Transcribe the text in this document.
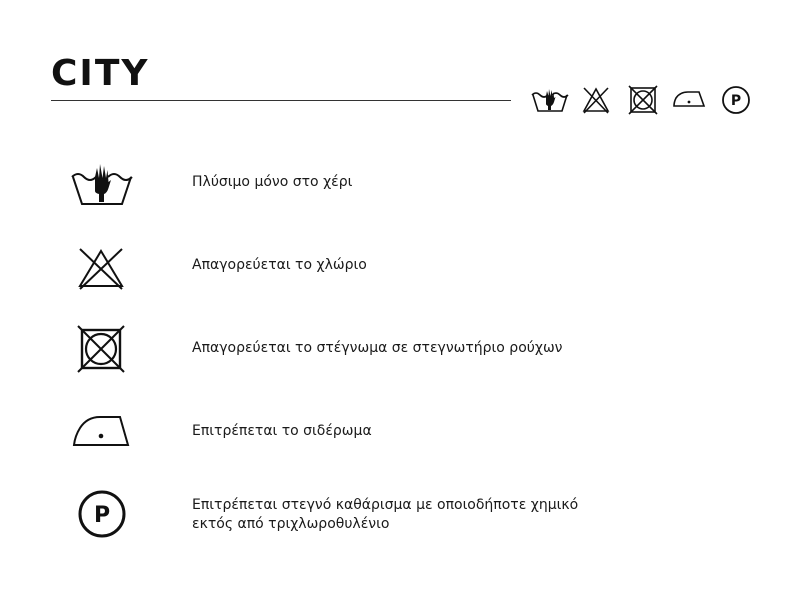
CITY
P
Πλύσιμο μόνο στο χέρι
Απαγορεύεται το χλώριο
Απαγορεύεται το στέγνωμα σε στεγνωτήριο ρούχων
Επιτρέπεται το σιδέρωμα
P	Επιτρέπεται στεγνό καθάρισμα με οποιοδήποτε χημικό
εκτός από τριχλωροθυλένιο
